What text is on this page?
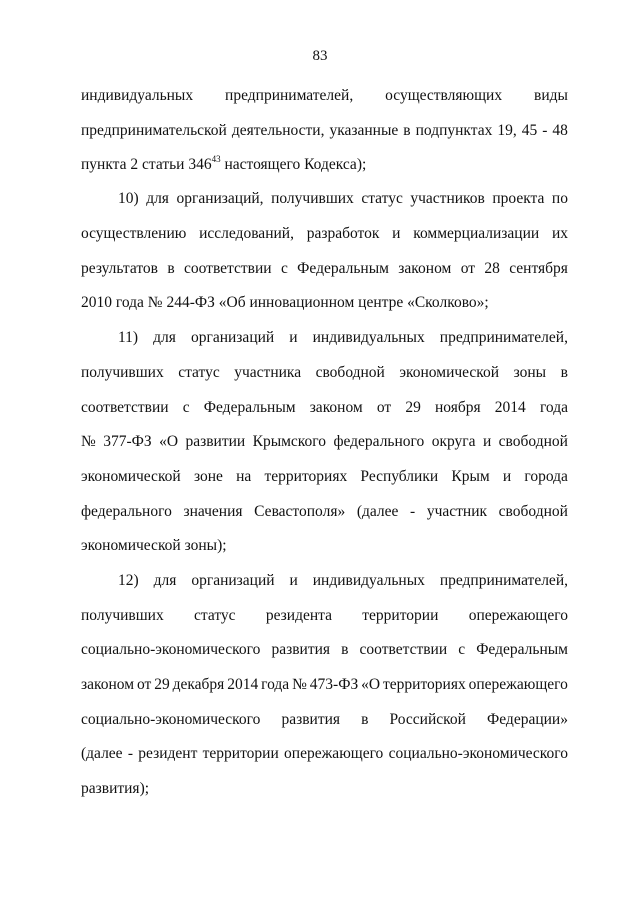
83
индивидуальных предпринимателей, осуществляющих виды
предпринимательской деятельности, указанные в подпунктах 19, 45 - 48
пункта 2 статьи $346^{43}$ настоящего Кодекса);
10) для организаций, получивших статус участников проекта по
осуществлению исследований, разработок и коммерциализации их
результатов в соответствии с Федеральным законом от 28 сентября
2010 года № 244-ФЗ «Об инновационном центре «Сколково»;
11) для организаций и индивидуальных предпринимателей,
получивших статус участника свободной экономической зоны в
соответствии с Федеральным законом от 29 ноября 2014 года
№ 377-ФЗ «О развитии Крымского федерального округа и свободной
экономической зоне на территориях Республики Крым и города
федерального значения Севастополя» (далее - участник свободной
экономической зоны);
12) для организаций и индивидуальных предпринимателей,
получивших статус резидента территории опережающего
социально-экономического развития в соответствии с Федеральным
законом от 29 декабря 2014 года № 473-ФЗ «О территориях опережающего
социально-экономического развития в Российской Федерации»
(далее - резидент территории опережающего социально-экономического
развития);
